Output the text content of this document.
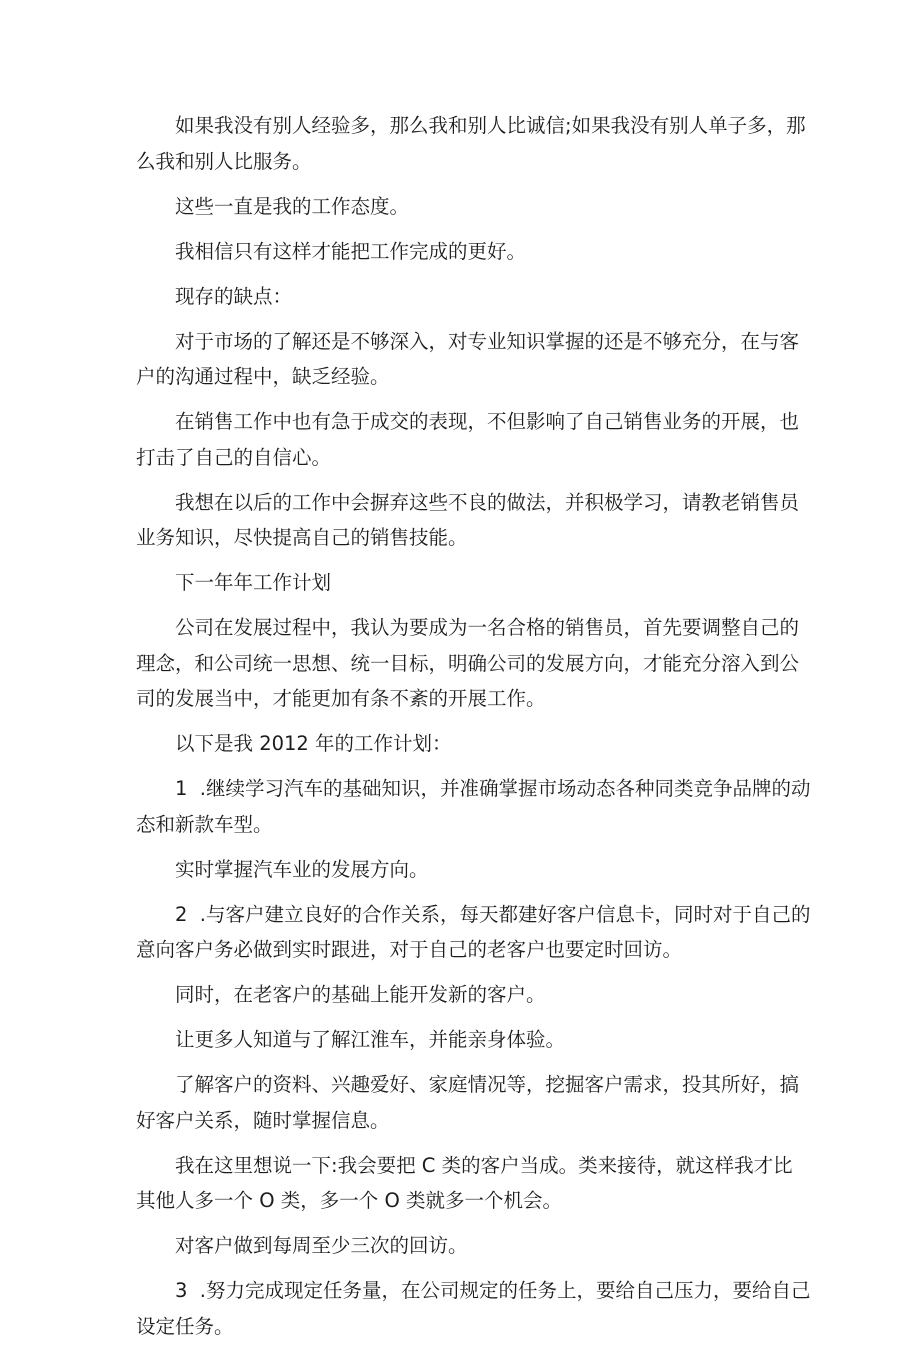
如果我没有别人经验多，那么我和别人比诚信;如果我没有别人单子多，那么我和别人比服务。

这些一直是我的工作态度。

我相信只有这样才能把工作完成的更好。

现存的缺点：

对于市场的了解还是不够深入，对专业知识掌握的还是不够充分，在与客户的沟通过程中，缺乏经验。

在销售工作中也有急于成交的表现，不但影响了自己销售业务的开展，也打击了自己的自信心。

我想在以后的工作中会摒弃这些不良的做法，并积极学习，请教老销售员业务知识，尽快提高自己的销售技能。

下一年年工作计划

公司在发展过程中，我认为要成为一名合格的销售员，首先要调整自己的理念，和公司统一思想、统一目标，明确公司的发展方向，才能充分溶入到公司的发展当中，才能更加有条不紊的开展工作。

以下是我 2012 年的工作计划：

1  .继续学习汽车的基础知识，并准确掌握市场动态各种同类竞争品牌的动态和新款车型。

实时掌握汽车业的发展方向。

2  .与客户建立良好的合作关系，每天都建好客户信息卡，同时对于自己的意向客户务必做到实时跟进，对于自己的老客户也要定时回访。

同时，在老客户的基础上能开发新的客户。

让更多人知道与了解江淮车，并能亲身体验。

了解客户的资料、兴趣爱好、家庭情况等，挖掘客户需求，投其所好，搞好客户关系，随时掌握信息。

我在这里想说一下:我会要把 C 类的客户当成。类来接待，就这样我才比其他人多一个 O 类，多一个 O 类就多一个机会。

对客户做到每周至少三次的回访。

3  .努力完成现定任务量，在公司规定的任务上，要给自己压力，要给自己设定任务。
